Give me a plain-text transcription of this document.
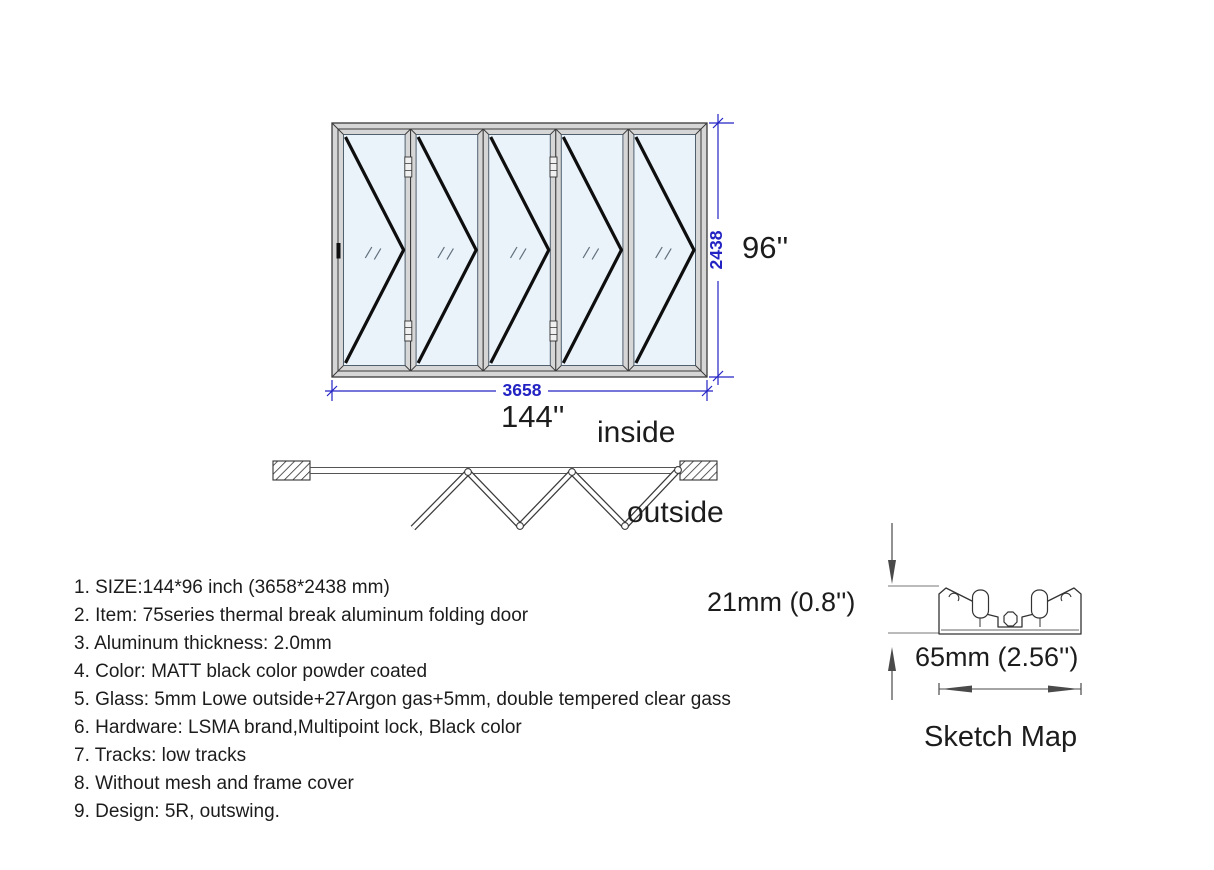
2438 96''
3658
144'' inside
outside
1. SIZE:144*96 inch (3658*2438 mm)
2. Item: 75series thermal break aluminum folding door
3. Aluminum thickness: 2.0mm
4. Color: MATT black color powder coated
5. Glass: 5mm Lowe outside+27Argon gas+5mm, double tempered clear gass
6. Hardware: LSMA brand,Multipoint lock, Black color
7. Tracks: low tracks
8. Without mesh and frame cover
9. Design: 5R, outswing.
21mm (0.8'')
65mm (2.56'')
Sketch Map
